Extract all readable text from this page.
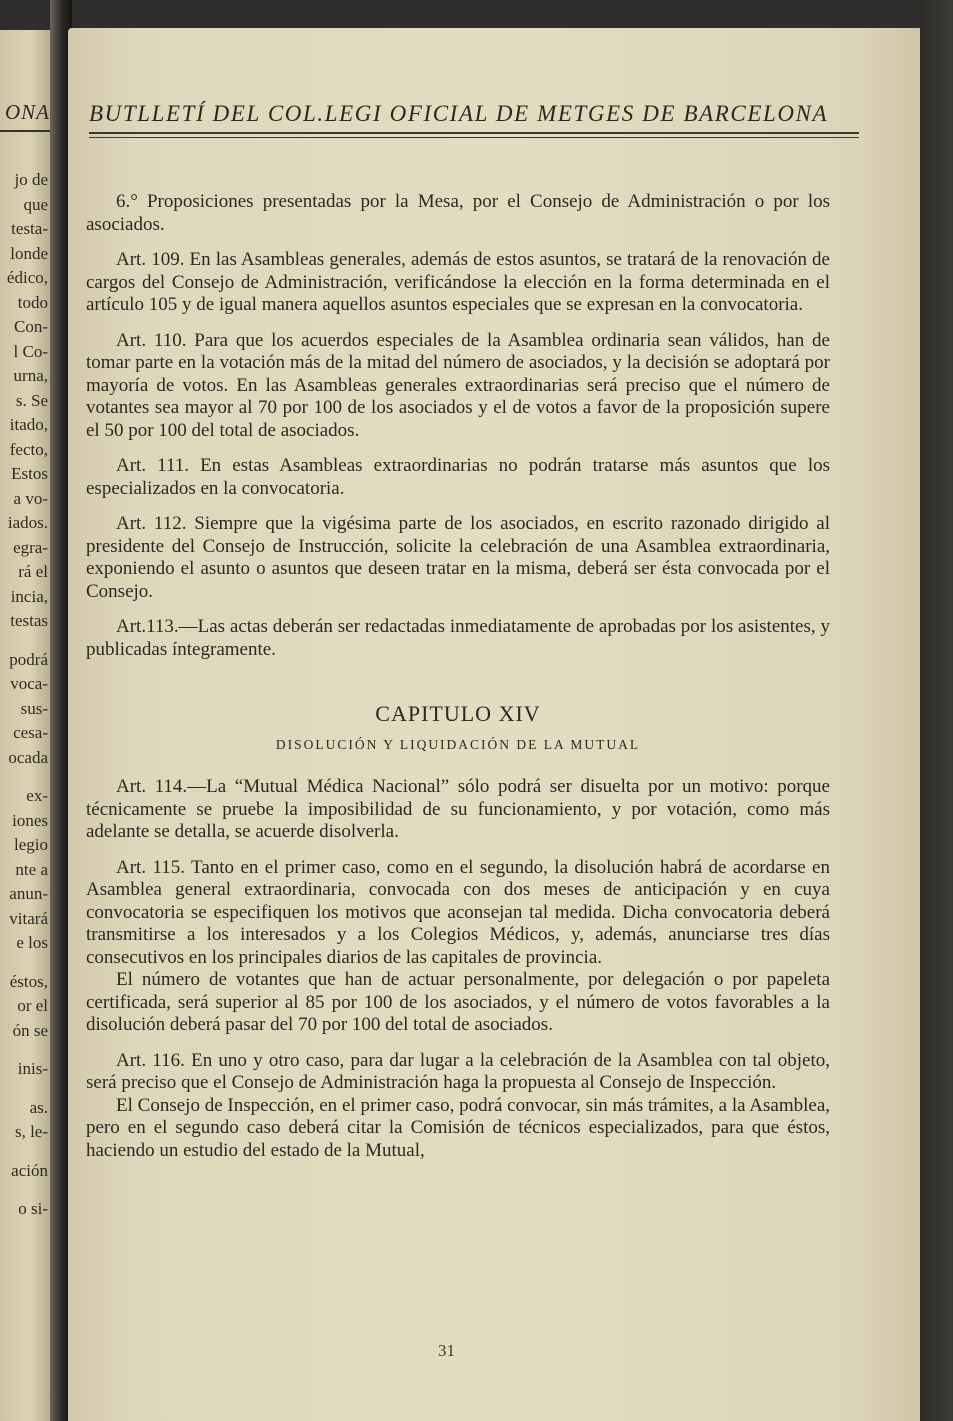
ONA
jo de
que
testa-
londe
édico,
todo
Con-
l Co-
urna,
s. Se
itado,
fecto,
Estos
a vo-
iados.
egra-
rá el
incia,
testas
podrá
voca-
sus-
cesa-
ocada
ex-
iones
legio
nte a
anun-
vitará
e los
éstos,
or el
ón se
inis-
as.
s, le-
ación
o si-
BUTLLETÍ DEL COL.LEGI OFICIAL DE METGES DE BARCELONA

6.° Proposiciones presentadas por la Mesa, por el Consejo de Administración o por los asociados.

Art. 109. En las Asambleas generales, además de estos asuntos, se tratará de la renovación de cargos del Consejo de Administración, verificándose la elección en la forma determinada en el artículo 105 y de igual manera aquellos asuntos especiales que se expresan en la convocatoria.

Art. 110. Para que los acuerdos especiales de la Asamblea ordinaria sean válidos, han de tomar parte en la votación más de la mitad del número de asociados, y la decisión se adoptará por mayoría de votos. En las Asambleas generales extraordinarias será preciso que el número de votantes sea mayor al 70 por 100 de los asociados y el de votos a favor de la proposición supere el 50 por 100 del total de asociados.

Art. 111. En estas Asambleas extraordinarias no podrán tratarse más asuntos que los especializados en la convocatoria.

Art. 112. Siempre que la vigésima parte de los asociados, en escrito razonado dirigido al presidente del Consejo de Instrucción, solicite la celebración de una Asamblea extraordinaria, exponiendo el asunto o asuntos que deseen tratar en la misma, deberá ser ésta convocada por el Consejo.

Art.113.—Las actas deberán ser redactadas inmediatamente de aprobadas por los asistentes, y publicadas íntegramente.

CAPITULO XIV
DISOLUCIÓN Y LIQUIDACIÓN DE LA MUTUAL

Art. 114.—La “Mutual Médica Nacional” sólo podrá ser disuelta por un motivo: porque técnicamente se pruebe la imposibilidad de su funcionamiento, y por votación, como más adelante se detalla, se acuerde disolverla.

Art. 115. Tanto en el primer caso, como en el segundo, la disolución habrá de acordarse en Asamblea general extraordinaria, convocada con dos meses de anticipación y en cuya convocatoria se especifiquen los motivos que aconsejan tal medida. Dicha convocatoria deberá transmitirse a los interesados y a los Colegios Médicos, y, además, anunciarse tres días consecutivos en los principales diarios de las capitales de provincia.

El número de votantes que han de actuar personalmente, por delegación o por papeleta certificada, será superior al 85 por 100 de los asociados, y el número de votos favorables a la disolución deberá pasar del 70 por 100 del total de asociados.

Art. 116. En uno y otro caso, para dar lugar a la celebración de la Asamblea con tal objeto, será preciso que el Consejo de Administración haga la propuesta al Consejo de Inspección.

El Consejo de Inspección, en el primer caso, podrá convocar, sin más trámites, a la Asamblea, pero en el segundo caso deberá citar la Comisión de técnicos especializados, para que éstos, haciendo un estudio del estado de la Mutual,

31
